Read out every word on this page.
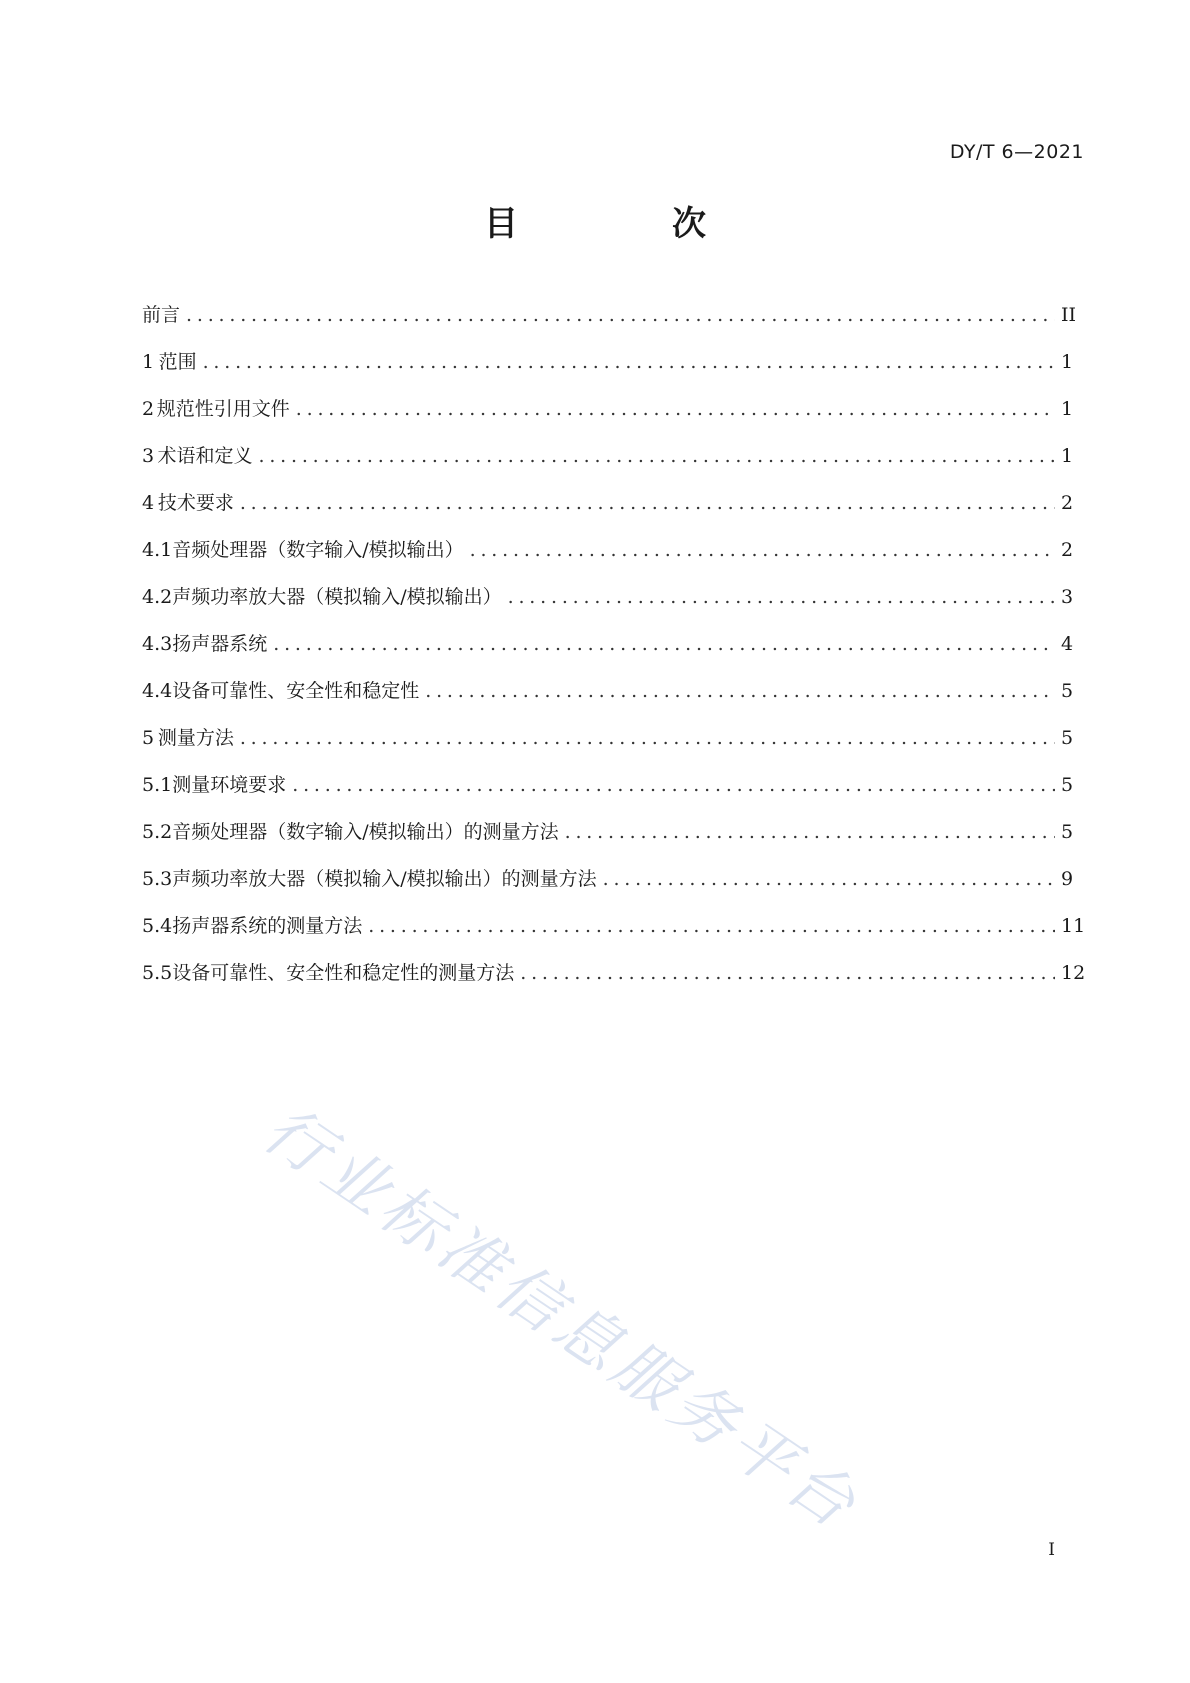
DY/T 6—2021
目　次
前言 .....	II
1 范围 .....	1
2 规范性引用文件 .....	1
3 术语和定义 .....	1
4 技术要求 .....	2
4.1 音频处理器（数字输入/模拟输出） .....	2
4.2 声频功率放大器（模拟输入/模拟输出） .....	3
4.3 扬声器系统 .....	4
4.4 设备可靠性、安全性和稳定性 .....	5
5 测量方法 .....	5
5.1 测量环境要求 .....	5
5.2 音频处理器（数字输入/模拟输出）的测量方法 .....	5
5.3 声频功率放大器（模拟输入/模拟输出）的测量方法 .....	9
5.4 扬声器系统的测量方法 .....	11
5.5 设备可靠性、安全性和稳定性的测量方法 .....	12
行业标准信息服务平台
I
